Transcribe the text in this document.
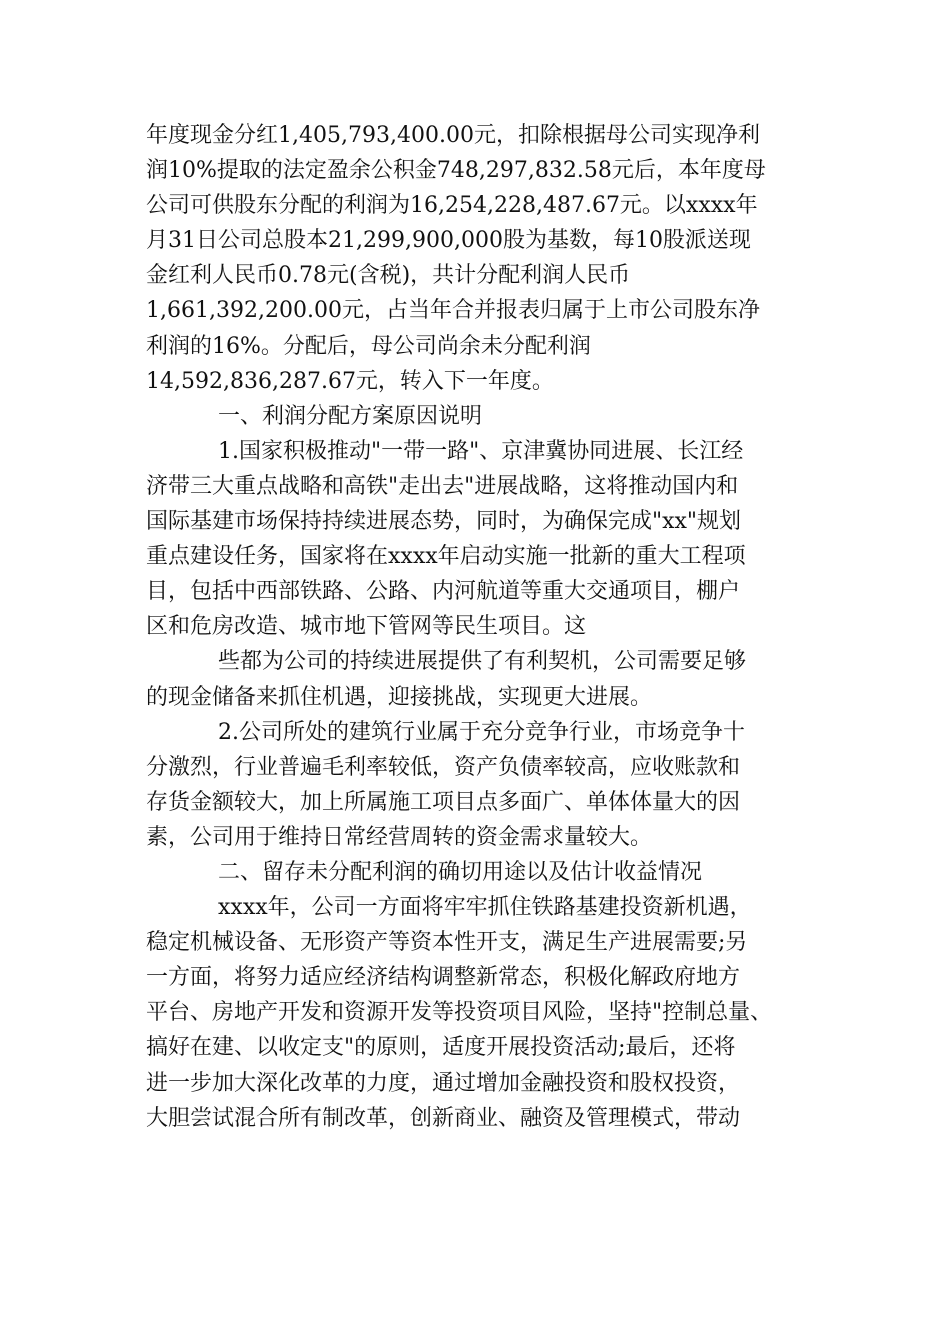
年度现金分红1,405,793,400.00元，扣除根据母公司实现净利
润10%提取的法定盈余公积金748,297,832.58元后，本年度母
公司可供股东分配的利润为16,254,228,487.67元。以xxxx年
月31日公司总股本21,299,900,000股为基数，每10股派送现
金红利人民币0.78元(含税)，共计分配利润人民币
1,661,392,200.00元，占当年合并报表归属于上市公司股东净
利润的16%。分配后，母公司尚余未分配利润
14,592,836,287.67元，转入下一年度。
一、利润分配方案原因说明
1.国家积极推动"一带一路"、京津冀协同进展、长江经
济带三大重点战略和高铁"走出去"进展战略，这将推动国内和
国际基建市场保持持续进展态势，同时，为确保完成"xx"规划
重点建设任务，国家将在xxxx年启动实施一批新的重大工程项
目，包括中西部铁路、公路、内河航道等重大交通项目，棚户
区和危房改造、城市地下管网等民生项目。这
些都为公司的持续进展提供了有利契机，公司需要足够
的现金储备来抓住机遇，迎接挑战，实现更大进展。
2.公司所处的建筑行业属于充分竞争行业，市场竞争十
分激烈，行业普遍毛利率较低，资产负债率较高，应收账款和
存货金额较大，加上所属施工项目点多面广、单体体量大的因
素，公司用于维持日常经营周转的资金需求量较大。
二、留存未分配利润的确切用途以及估计收益情况
xxxx年，公司一方面将牢牢抓住铁路基建投资新机遇，
稳定机械设备、无形资产等资本性开支，满足生产进展需要;另
一方面，将努力适应经济结构调整新常态，积极化解政府地方
平台、房地产开发和资源开发等投资项目风险，坚持"控制总量、
搞好在建、以收定支"的原则，适度开展投资活动;最后，还将
进一步加大深化改革的力度，通过增加金融投资和股权投资，
大胆尝试混合所有制改革，创新商业、融资及管理模式，带动
